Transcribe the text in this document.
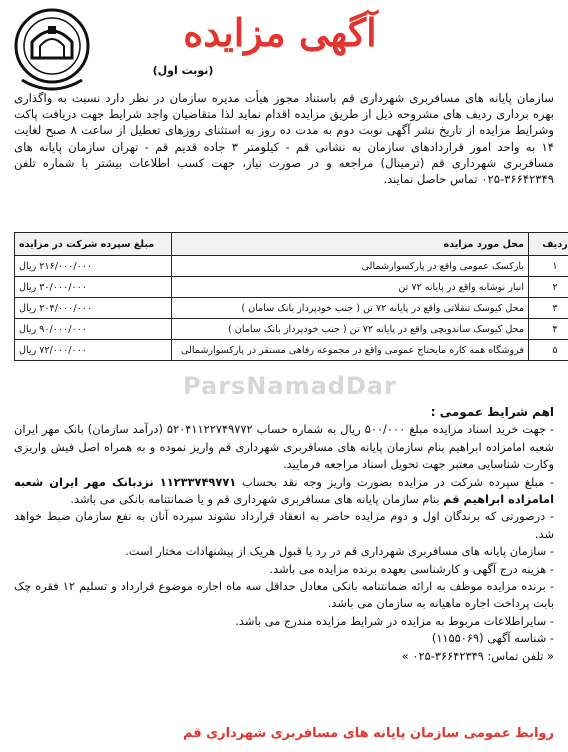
آگهی مزایده
(نوبت اول)
سازمان پایانه های مسافربری شهرداری قم باستناد مجوز هیأت مدیره سازمان در نظر دارد نسبت به واگذاری بهره برداری ردیف های مشروحه ذیل از طریق مزایده اقدام نماید لذا متقاضیان واجد شرایط جهت دریافت پاکت وشرایط مزایده از تاریخ نشر آگهی نوبت دوم به مدت ده روز به استثنای روزهای تعطیل از ساعت ۸ صبح لغایت ۱۴ به واحد امور قراردادهای سازمان به نشانی قم - کیلومتر ۳ جاده قدیم قم - تهران سازمان پایانه های مسافربری شهرداری قم (ترمینال) مراجعه و در صورت نیاز، جهت کسب اطلاعات بیشتر با شماره تلفن ۳۶۶۴۲۳۴۹-۰۲۵ تماس حاصل نمایند.
ردیف	محل مورد مزایده	مبلغ سپرده شرکت در مزایده
۱	بارکسک عمومی واقع در پارکسوارشمالی	۲۱۶/۰۰۰/۰۰۰ ریال
۲	انبار نوشابه واقع در پایانه ۷۲ تن	۳۰/۰۰۰/۰۰۰ ریال
۳	محل کیوسک تنقلاتی واقع در پایانه ۷۲ تن ( جنب خودپرداز بانک سامان )	۲۰۴/۰۰۰/۰۰۰ ریال
۴	محل کیوسک ساندویچی واقع در پایانه ۷۲ تن ( جنب خودپرداز بانک سامان )	۹۰/۰۰۰/۰۰۰ ریال
۵	فروشگاه همه کاره مایحتاج عمومی واقع در مجموعه رفاهی مستقر در پارکسوارشمالی	۷۲/۰۰۰/۰۰۰ ریال
ParsNamadDar

اهم شرایط عمومی :

- جهت خرید اسناد مزایده مبلغ ۵۰۰/۰۰۰ ریال به شماره حساب ۵۲۰۴۱۱۲۲۷۴۹۷۷۲ (درآمد سازمان) بانک مهر ایران شعبه امامزاده ابراهیم بنام سازمان پایانه های مسافربری شهرداری قم واریز نموده و به همراه اصل فیش واریزی وکارت شناسایی معتبر جهت تحویل اسناد مراجعه فرمایید.

- مبلغ سپرده شرکت در مزایده بصورت واریز وجه نقد بحساب ۱۱۲۳۳۷۴۹۷۷۱ نزدبانک مهر ایران شعبه امامزاده ابراهیم قم بنام سازمان پایانه های مسافربری شهرداری قم و یا ضمانتنامه بانکی می باشد.

- درصورتی که برندگان اول و دوم مزایده حاضر به انعقاد قرارداد نشوند سپرده آنان به نفع سازمان ضبط خواهد شد.

- سازمان پایانه های مسافربری شهرداری قم در رد یا قبول هریک از پیشنهادات مختار است.

- هزینه درج آگهی و کارشناسی بعهده برنده مزایده می باشد.

- برنده مزایده موظف به ارائه ضمانتنامه بانکی معادل حداقل سه ماه اجاره موضوع قرارداد و تسلیم ۱۲ فقره چک بابت پرداخت اجاره ماهیانه به سازمان می باشد.

- سایراطلاعات مربوط به مزایده در شرایط مزایده مندرج می باشد.

- شناسه آگهی (۱۱۵۵۰۶۹)

« تلفن تماس: ۳۶۶۴۲۳۴۹-۰۲۵ »

روابط عمومی سازمان پایانه های مسافربری شهرداری قم
